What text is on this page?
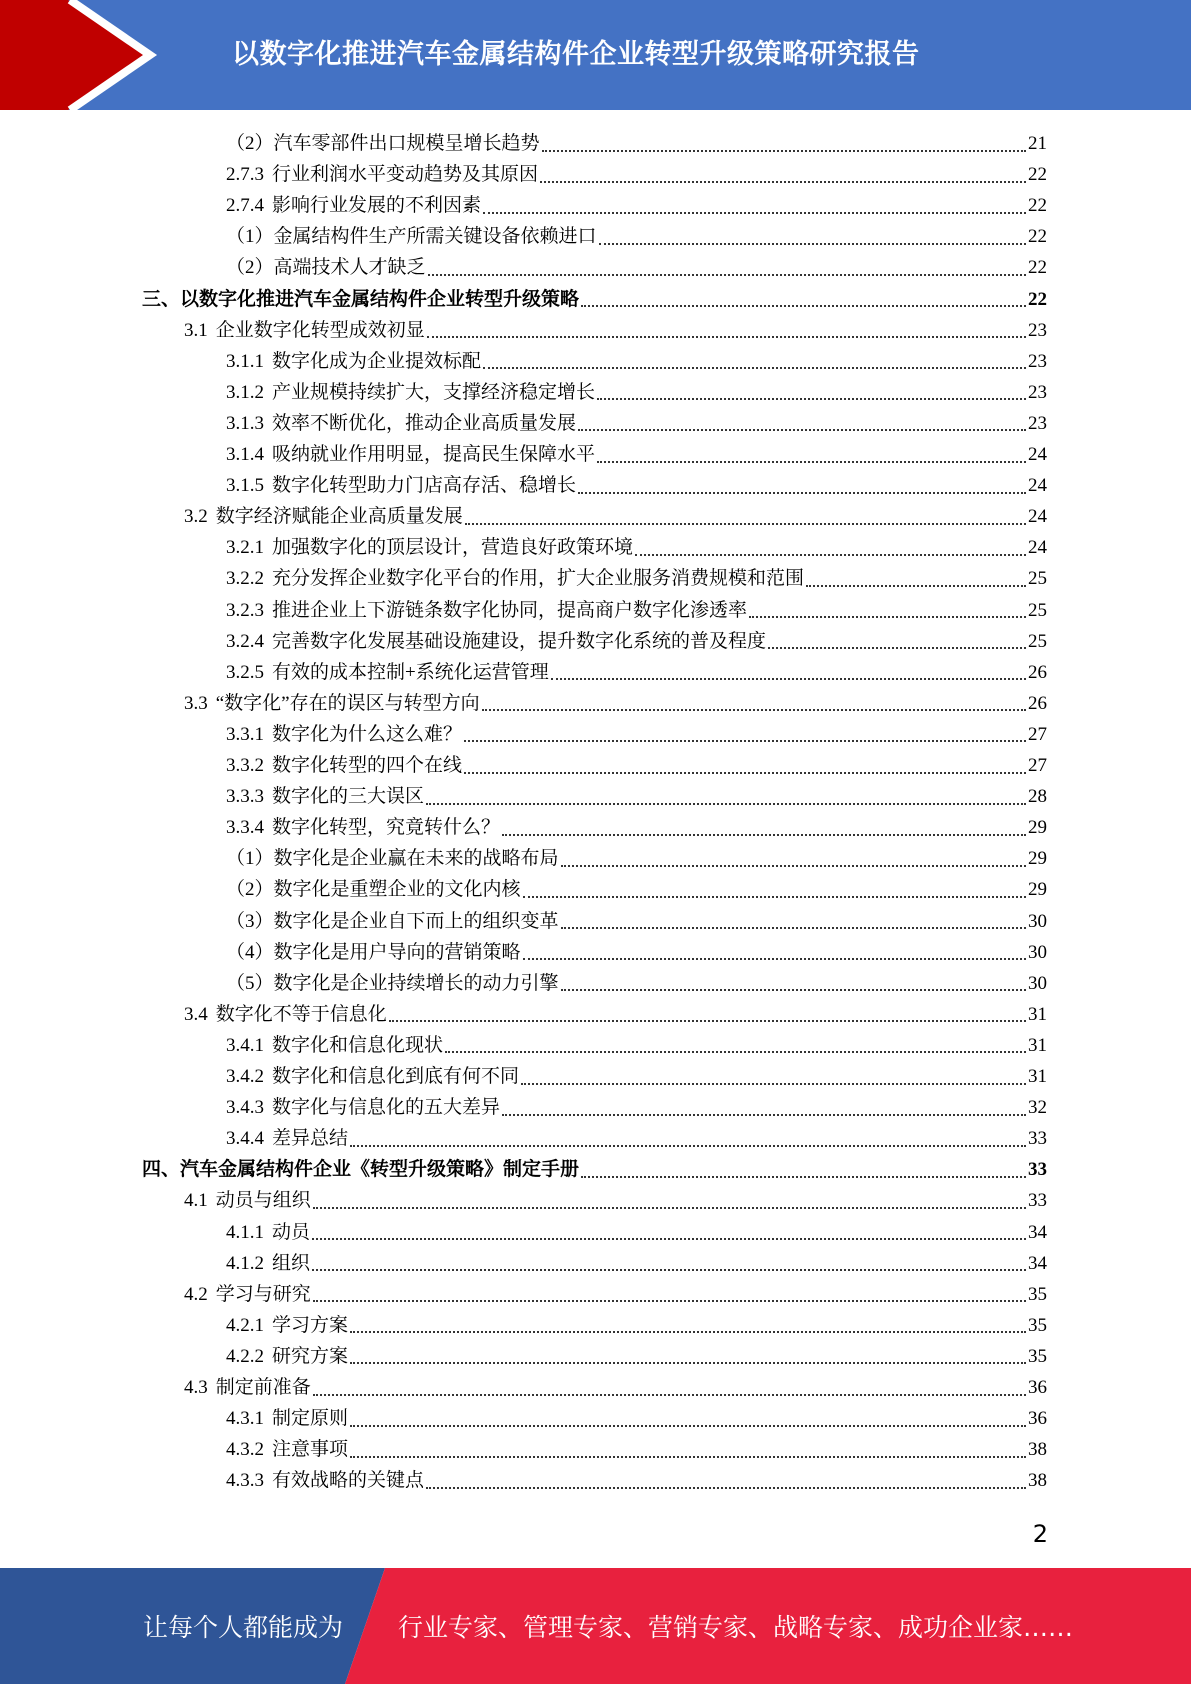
以数字化推进汽车金属结构件企业转型升级策略研究报告
（2） 汽车零部件出口规模呈增长趋势	21
2.7.3 行业利润水平变动趋势及其原因	22
2.7.4 影响行业发展的不利因素	22
（1） 金属结构件生产所需关键设备依赖进口	22
（2） 高端技术人才缺乏	22
三、 以数字化推进汽车金属结构件企业转型升级策略	22
3.1 企业数字化转型成效初显	23
3.1.1 数字化成为企业提效标配	23
3.1.2 产业规模持续扩大，支撑经济稳定增长	23
3.1.3 效率不断优化，推动企业高质量发展	23
3.1.4 吸纳就业作用明显，提高民生保障水平	24
3.1.5 数字化转型助力门店高存活、稳增长	24
3.2 数字经济赋能企业高质量发展	24
3.2.1 加强数字化的顶层设计，营造良好政策环境	24
3.2.2 充分发挥企业数字化平台的作用，扩大企业服务消费规模和范围	25
3.2.3 推进企业上下游链条数字化协同，提高商户数字化渗透率	25
3.2.4 完善数字化发展基础设施建设，提升数字化系统的普及程度	25
3.2.5 有效的成本控制+系统化运营管理	26
3.3 “数字化”存在的误区与转型方向	26
3.3.1 数字化为什么这么难？	27
3.3.2 数字化转型的四个在线	27
3.3.3 数字化的三大误区	28
3.3.4 数字化转型，究竟转什么？	29
（1） 数字化是企业赢在未来的战略布局	29
（2） 数字化是重塑企业的文化内核	29
（3） 数字化是企业自下而上的组织变革	30
（4） 数字化是用户导向的营销策略	30
（5） 数字化是企业持续增长的动力引擎	30
3.4 数字化不等于信息化	31
3.4.1 数字化和信息化现状	31
3.4.2 数字化和信息化到底有何不同	31
3.4.3 数字化与信息化的五大差异	32
3.4.4 差异总结	33
四、 汽车金属结构件企业《转型升级策略》制定手册	33
4.1 动员与组织	33
4.1.1 动员	34
4.1.2 组织	34
4.2 学习与研究	35
4.2.1 学习方案	35
4.2.2 研究方案	35
4.3 制定前准备	36
4.3.1 制定原则	36
4.3.2 注意事项	38
4.3.3 有效战略的关键点	38
2
让每个人都能成为 行业专家、管理专家、营销专家、战略专家、成功企业家……
